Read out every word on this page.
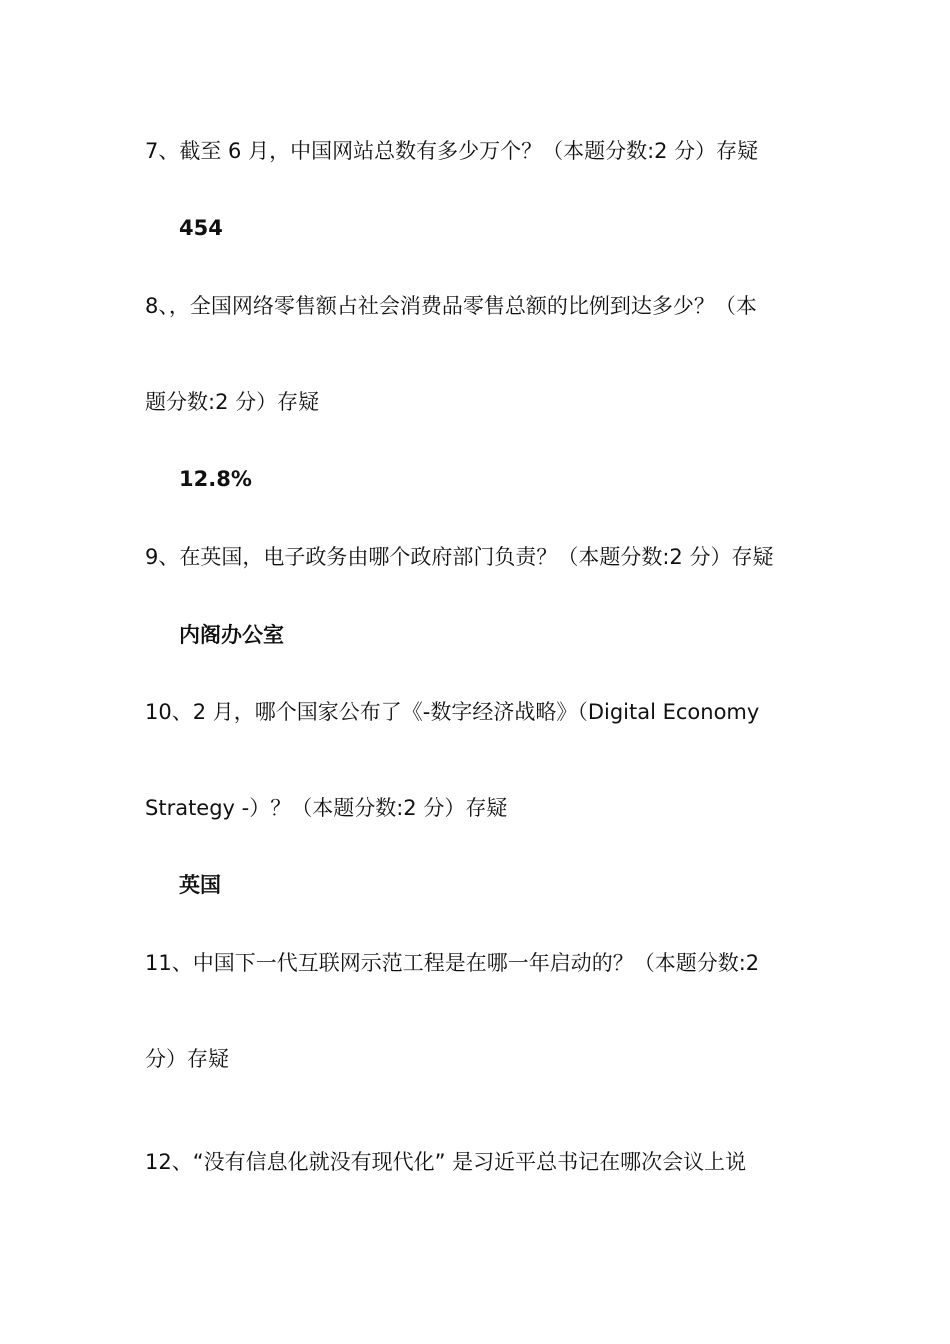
7、截至 6 月，中国网站总数有多少万个？（本题分数:2 分）存疑
454
8、，全国网络零售额占社会消费品零售总额的比例到达多少？（本
题分数:2 分）存疑
12.8%
9、在英国，电子政务由哪个政府部门负责？（本题分数:2 分）存疑
内阁办公室
10、2 月，哪个国家公布了《-数字经济战略》（Digital Economy
Strategy -）？（本题分数:2 分）存疑
英国
11、中国下一代互联网示范工程是在哪一年启动的？（本题分数:2
分）存疑
12、“没有信息化就没有现代化” 是习近平总书记在哪次会议上说
